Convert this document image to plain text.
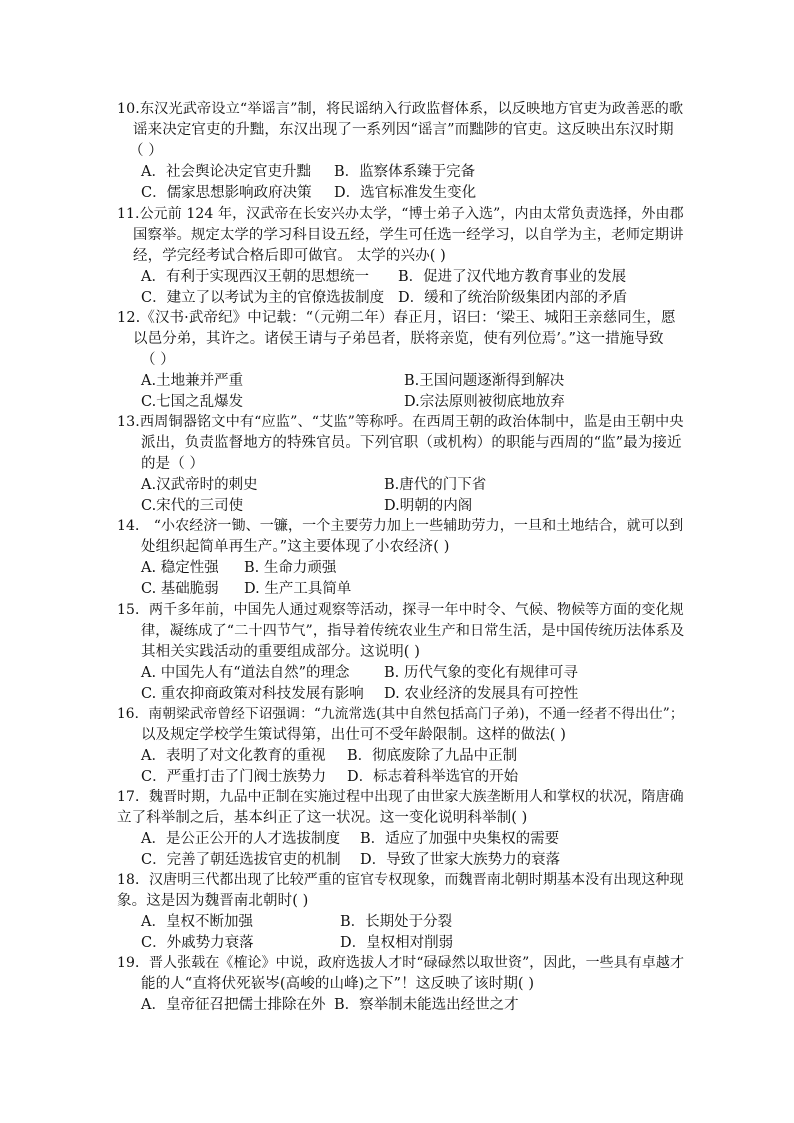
10.东汉光武帝设立“举谣言”制，将民谣纳入行政监督体系，以反映地方官吏为政善恶的歌
谣来决定官吏的升黜，东汉出现了一系列因“谣言”而黜陟的官吏。这反映出东汉时期
（ ）
A．社会舆论决定官吏升黜 B．监察体系臻于完备
C．儒家思想影响政府决策 D．选官标准发生变化
11.公元前 124 年，汉武帝在长安兴办太学，“博士弟子入选”，内由太常负责选择，外由郡
国察举。规定太学的学习科目设五经，学生可任选一经学习，以自学为主，老师定期讲
经，学完经考试合格后即可做官。 太学的兴办( )
A．有利于实现西汉王朝的思想统一 B．促进了汉代地方教育事业的发展
C．建立了以考试为主的官僚选拔制度 D．缓和了统治阶级集团内部的矛盾
12.《汉书·武帝纪》中记载：“（元朔二年）春正月，诏曰：‘梁王、城阳王亲慈同生，愿
以邑分弟，其许之。诸侯王请与子弟邑者，朕将亲览，使有列位焉’。”这一措施导致
（ ）
A.土地兼并严重	B.王国问题逐渐得到解决
C.七国之乱爆发	D.宗法原则被彻底地放弃
13.西周铜器铭文中有“应监”、“艾监”等称呼。在西周王朝的政治体制中，监是由王朝中央
派出，负责监督地方的特殊官员。下列官职（或机构）的职能与西周的“监”最为接近
的是（ ）
A.汉武帝时的刺史	B.唐代的门下省
C.宋代的三司使	D.明朝的内阁
14． “小农经济一锄、一镰，一个主要劳力加上一些辅助劳力，一旦和土地结合，就可以到
处组织起简单再生产。”这主要体现了小农经济( )
A. 稳定性强 B. 生命力顽强
C. 基础脆弱 D. 生产工具简单
15．两千多年前，中国先人通过观察等活动，探寻一年中时令、气候、物候等方面的变化规
律，凝练成了“二十四节气”，指导着传统农业生产和日常生活，是中国传统历法体系及
其相关实践活动的重要组成部分。这说明( )
A. 中国先人有“道法自然”的理念 B. 历代气象的变化有规律可寻
C. 重农抑商政策对科技发展有影响 D. 农业经济的发展具有可控性
16．南朝梁武帝曾经下诏强调：“九流常选(其中自然包括高门子弟)，不通一经者不得出仕”；
以及规定学校学生策试得第，出仕可不受年龄限制。这样的做法( )
A．表明了对文化教育的重视 B．彻底废除了九品中正制
C．严重打击了门阀士族势力 D．标志着科举选官的开始
17．魏晋时期，九品中正制在实施过程中出现了由世家大族垄断用人和掌权的状况，隋唐确
立了科举制之后，基本纠正了这一状况。这一变化说明科举制( )
A．是公正公开的人才选拔制度 B．适应了加强中央集权的需要
C．完善了朝廷选拔官吏的机制 D．导致了世家大族势力的衰落
18．汉唐明三代都出现了比较严重的宦官专权现象，而魏晋南北朝时期基本没有出现这种现
象。这是因为魏晋南北朝时( )
A．皇权不断加强	B．长期处于分裂
C．外戚势力衰落	D．皇权相对削弱
19．晋人张载在《榷论》中说，政府选拔人才时“碌碌然以取世资”，因此，一些具有卓越才
能的人“直将伏死嵚岑(高峻的山峰)之下”！这反映了该时期( )
A．皇帝征召把儒士排除在外 B．察举制未能选出经世之才
